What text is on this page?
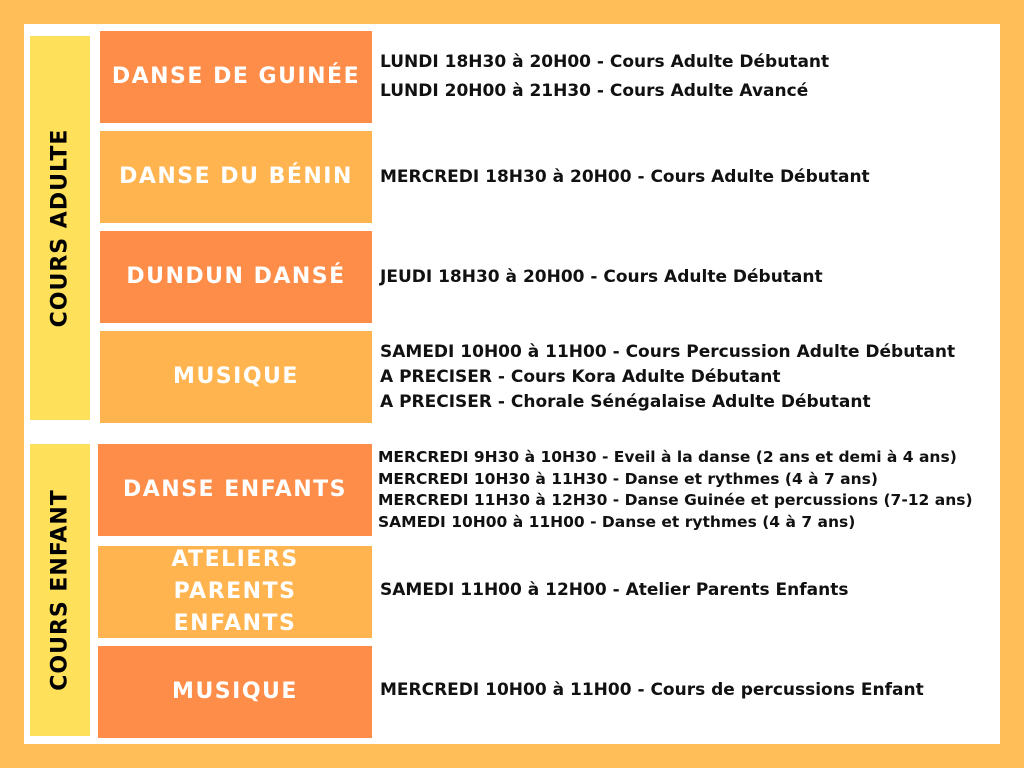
COURS ADULTE
COURS ENFANT
DANSE DE GUINÉE
LUNDI 18H30 à 20H00 - Cours Adulte Débutant
LUNDI 20H00 à 21H30 - Cours Adulte Avancé
DANSE DU BÉNIN MERCREDI 18H30 à 20H00 - Cours Adulte Débutant
DUNDUN DANSÉ JEUDI 18H30 à 20H00 - Cours Adulte Débutant
MUSIQUE
SAMEDI 10H00 à 11H00 - Cours Percussion Adulte Débutant
A PRECISER - Cours Kora Adulte Débutant
A PRECISER - Chorale Sénégalaise Adulte Débutant
DANSE ENFANTS
MERCREDI 9H30 à 10H30 - Eveil à la danse (2 ans et demi à 4 ans)
MERCREDI 10H30 à 11H30 - Danse et rythmes (4 à 7 ans)
MERCREDI 11H30 à 12H30 - Danse Guinée et percussions (7-12 ans)
SAMEDI 10H00 à 11H00 - Danse et rythmes (4 à 7 ans)
ATELIERS PARENTS
ENFANTS
SAMEDI 11H00 à 12H00 - Atelier Parents Enfants
MUSIQUE	MERCREDI 10H00 à 11H00 - Cours de percussions Enfant
